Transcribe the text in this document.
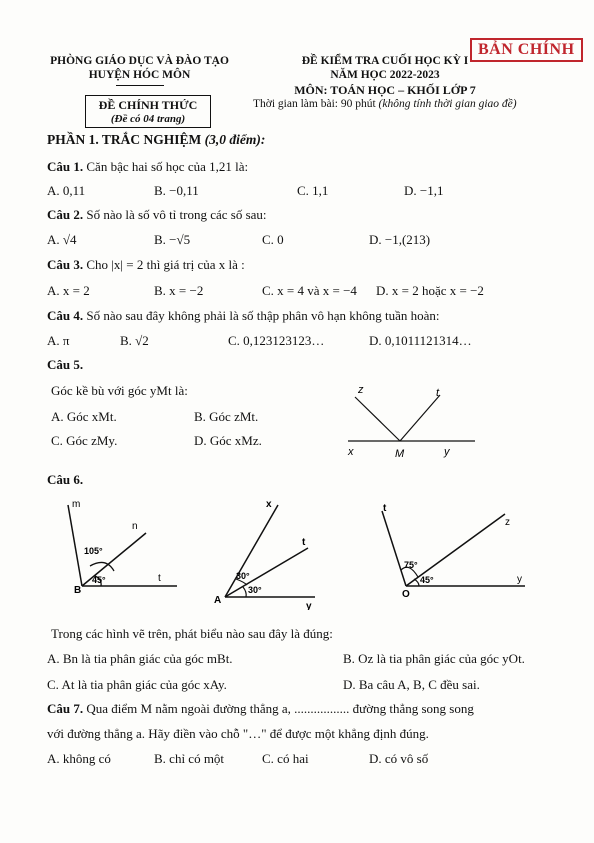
PHÒNG GIÁO DỤC VÀ ĐÀO TẠO
HUYỆN HÓC MÔN
ĐỀ CHÍNH THỨC
(Đề có 04 trang)
ĐỀ KIỂM TRA CUỐI HỌC KỲ I
NĂM HỌC 2022-2023
MÔN: TOÁN HỌC – KHỐI LỚP 7
Thời gian làm bài: 90 phút (không tính thời gian giao đề)
BẢN CHÍNH
PHẦN 1. TRẮC NGHIỆM (3,0 điểm):
Câu 1. Căn bậc hai số học của 1,21 là:
A. 0,11	B. −0,11	C. 1,1	D. −1,1
Câu 2. Số nào là số vô tỉ trong các số sau:
A. √4	B. −√5	C. 0	D. −1,(213)
Câu 3. Cho |x| = 2 thì giá trị của x là :
A. x = 2	B. x = −2	C. x = 4 và x = −4 D. x = 2 hoặc x = −2
Câu 4. Số nào sau đây không phải là số thập phân vô hạn không tuần hoàn:
A. π	B. √2	C. 0,123123123…	D. 0,1011121314…
Câu 5.
Góc kề bù với góc yMt là:
A. Góc xMt.	B. Góc zMt.
C. Góc zMy.	D. Góc xMz.
z	t
x	M	y
Câu 6.
m
n
t
B
105°
45°
x
t
y
A
30°
30°
t
z
y
O
75°
45°
Trong các hình vẽ trên, phát biểu nào sau đây là đúng:
A. Bn là tia phân giác của góc mBt.	B. Oz là tia phân giác của góc yOt.
C. At là tia phân giác của góc xAy.	D. Ba câu A, B, C đều sai.
Câu 7. Qua điểm M nằm ngoài đường thẳng a, ................. đường thẳng song song
với đường thẳng a. Hãy điền vào chỗ "…" để được một khẳng định đúng.
A. không có	B. chỉ có một	C. có hai	D. có vô số
